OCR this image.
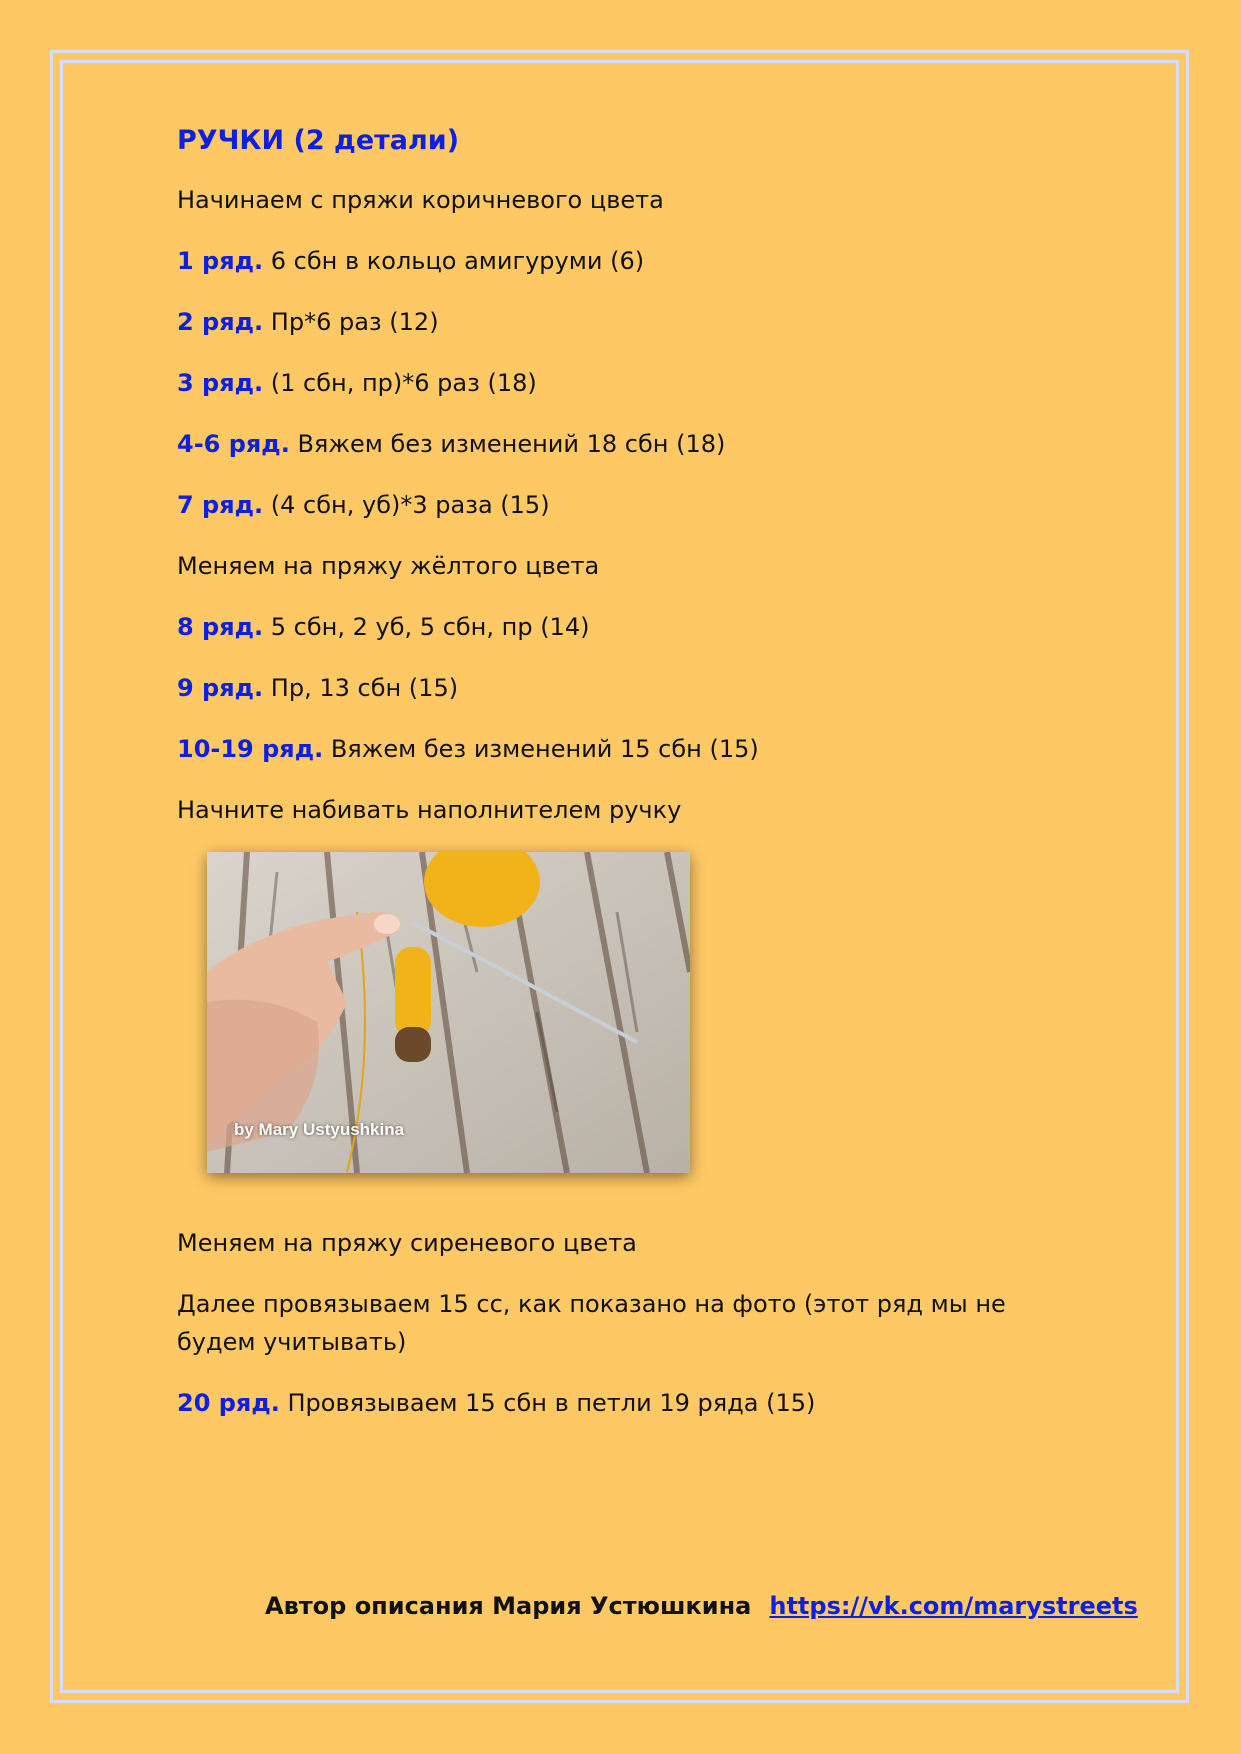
РУЧКИ (2 детали)
Начинаем с пряжи коричневого цвета
1 ряд. 6 сбн в кольцо амигуруми (6)
2 ряд. Пр*6 раз (12)
3 ряд. (1 сбн, пр)*6 раз (18)
4-6 ряд. Вяжем без изменений 18 сбн (18)
7 ряд. (4 сбн, уб)*3 раза (15)
Меняем на пряжу жёлтого цвета
8 ряд. 5 сбн, 2 уб, 5 сбн, пр (14)
9 ряд. Пр, 13 сбн (15)
10-19 ряд. Вяжем без изменений 15 сбн (15)
Начните набивать наполнителем ручку
by Mary Ustyushkina
Меняем на пряжу сиреневого цвета
Далее провязываем 15 сс, как показано на фото (этот ряд мы не будем учитывать)
20 ряд. Провязываем 15 сбн в петли 19 ряда (15)
Автор описания Мария Устюшкина https://vk.com/marystreets
